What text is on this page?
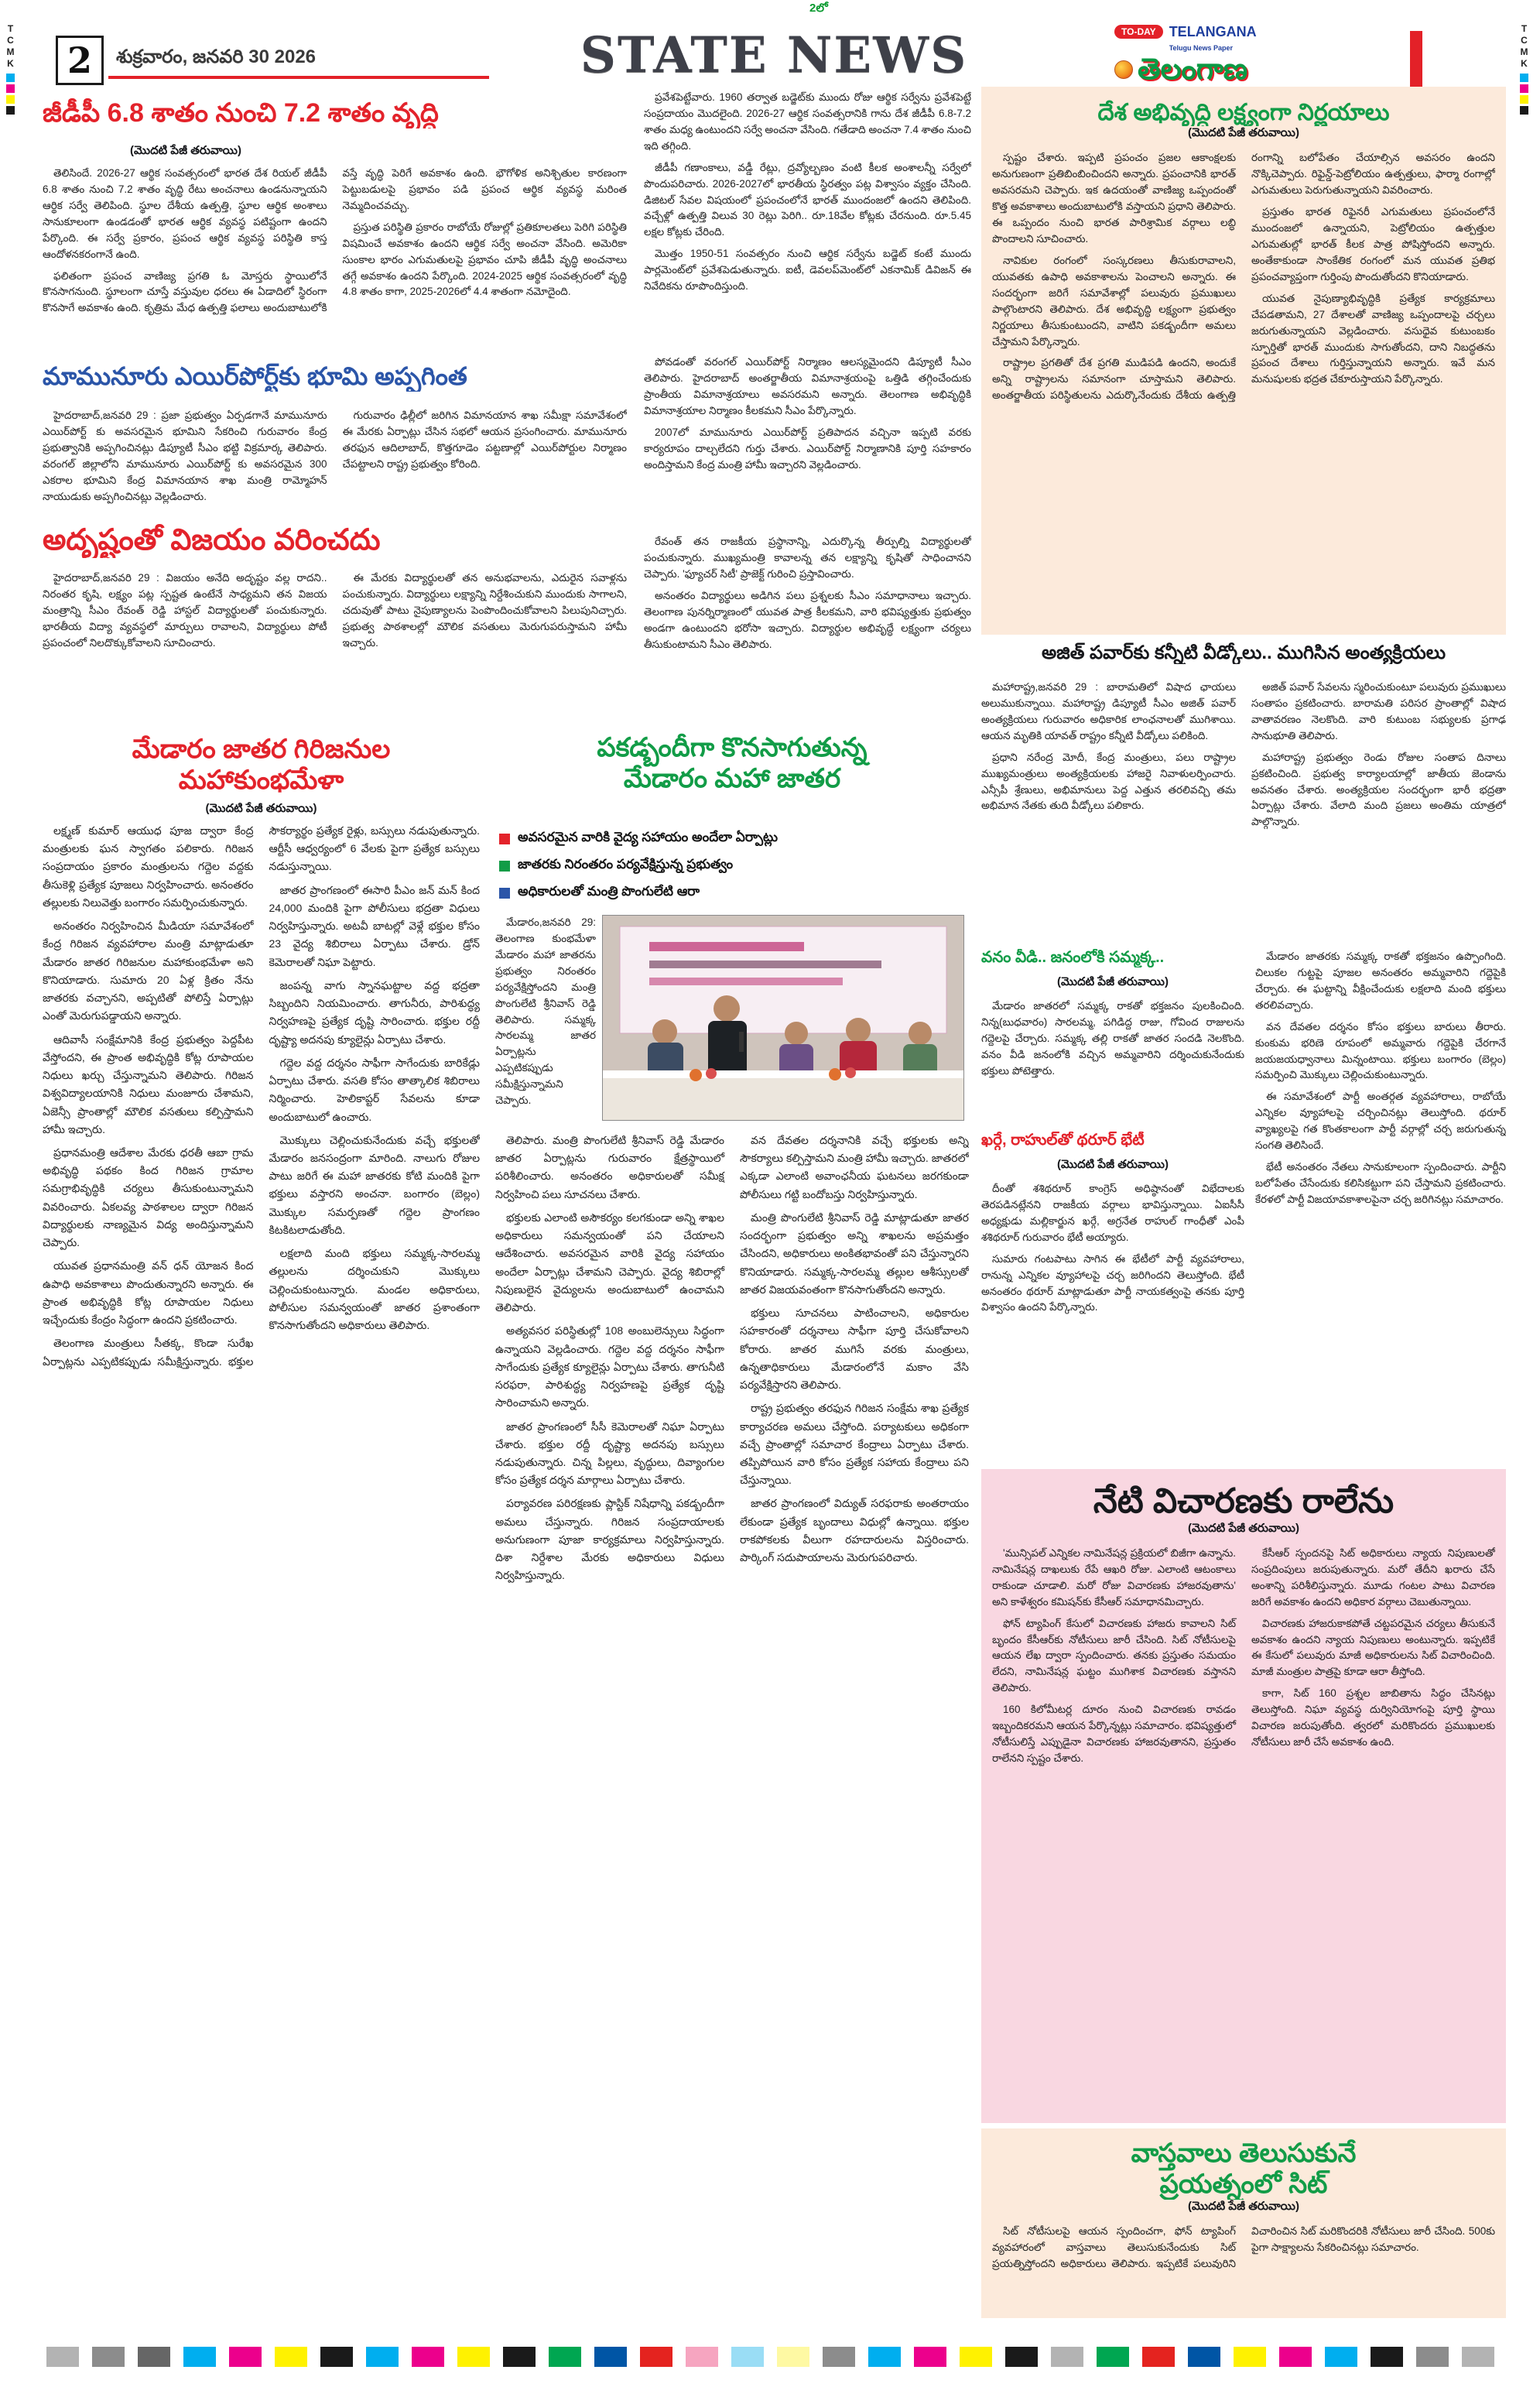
2లో
T
C
M
K
T
C
M
K
2	శుక్రవారం, జనవరి 30 2026	STATE NEWS	TO-DAY TELANGANA
Telugu News Paper
తెలంగాణ
జీడీపీ 6.8 శాతం నుంచి 7.2 శాతం వృద్ధి
(మొదటి పేజీ తరువాయి)

తెలిసిందే. 2026-27 ఆర్థిక సంవత్సరంలో భారత దేశ రియల్ జీడీపీ 6.8 శాతం నుంచి 7.2 శాతం వృద్ధి రేటు అంచనాలు ఉండనున్నాయని ఆర్థిక సర్వే తెలిపింది. స్థూల దేశీయ ఉత్పత్తి, స్థూల ఆర్థిక అంశాలు సానుకూలంగా ఉండడంతో భారత ఆర్థిక వ్యవస్థ పటిష్టంగా ఉందని పేర్కొంది. ఈ సర్వే ప్రకారం, ప్రపంచ ఆర్థిక వ్యవస్థ పరిస్థితి కాస్త ఆందోళనకరంగానే ఉంది.

ఫలితంగా ప్రపంచ వాణిజ్య ప్రగతి ఓ మోస్తరు స్థాయిలోనే కొనసాగనుంది. స్థూలంగా చూస్తే వస్తువుల ధరలు ఈ ఏడాదిలో స్థిరంగా కొనసాగే అవకాశం ఉంది. కృత్రిమ మేధ ఉత్పత్తి ఫలాలు అందుబాటులోకి వస్తే వృద్ధి పెరిగే అవకాశం ఉంది. భౌగోళిక అనిశ్చితుల కారణంగా పెట్టుబడులపై ప్రభావం పడి ప్రపంచ ఆర్థిక వ్యవస్థ మరింత నెమ్మదించవచ్చు.

ప్రస్తుత పరిస్థితి ప్రకారం రాబోయే రోజుల్లో ప్రతికూలతలు పెరిగి పరిస్థితి విషమించే అవకాశం ఉందని ఆర్థిక సర్వే అంచనా వేసింది. అమెరికా సుంకాల భారం ఎగుమతులపై ప్రభావం చూపి జీడీపీ వృద్ధి అంచనాలు తగ్గే అవకాశం ఉందని పేర్కొంది. 2024-2025 ఆర్థిక సంవత్సరంలో వృద్ధి 4.8 శాతం కాగా, 2025-2026లో 4.4 శాతంగా నమోదైంది.

ప్రవేశపెట్టేవారు. 1960 తర్వాత బడ్జెట్‌కు ముందు రోజు ఆర్థిక సర్వేను ప్రవేశపెట్టే సంప్రదాయం మొదలైంది. 2026-27 ఆర్థిక సంవత్సరానికి గాను దేశ జీడీపీ 6.8-7.2 శాతం మధ్య ఉంటుందని సర్వే అంచనా వేసింది. గతేడాది అంచనా 7.4 శాతం నుంచి ఇది తగ్గింది.

జీడీపీ గణాంకాలు, వడ్డీ రేట్లు, ద్రవ్యోల్బణం వంటి కీలక అంశాలన్నీ సర్వేలో పొందుపరిచారు. 2026-2027లో భారతీయ స్థిరత్వం పట్ల విశ్వాసం వ్యక్తం చేసింది. డిజిటల్ సేవల విషయంలో ప్రపంచంలోనే భారత్ ముందంజలో ఉందని తెలిపింది. వచ్చేళ్లో ఉత్పత్తి విలువ 30 రెట్లు పెరిగి.. రూ.18వేల కోట్లకు చేరనుంది. రూ.5.45 లక్షల కోట్లకు చేరింది.

మొత్తం 1950-51 సంవత్సరం నుంచి ఆర్థిక సర్వేను బడ్జెట్ కంటే ముందు పార్లమెంట్‌లో ప్రవేశపెడుతున్నారు. ఐటీ, డెవలప్‌మెంట్‌లో ఎకనామిక్ డివిజన్ ఈ నివేదికను రూపొందిస్తుంది.

దేశ అభివృద్ధి లక్ష్యంగా నిర్ణయాలు
(మొదటి పేజీ తరువాయి)

స్పష్టం చేశారు. ఇప్పటి ప్రపంచం ప్రజల ఆకాంక్షలకు అనుగుణంగా ప్రతిబింబించిందని అన్నారు. ప్రపంచానికి భారత్ అవసరమని చెప్పారు. ఇక ఉదయంతో వాణిజ్య ఒప్పందంతో కొత్త అవకాశాలు అందుబాటులోకి వస్తాయని ప్రధాని తెలిపారు. ఈ ఒప్పందం నుంచి భారత పారిశ్రామిక వర్గాలు లబ్ధి పొందాలని సూచించారు.

నావికుల రంగంలో సంస్కరణలు తీసుకురావాలని, యువతకు ఉపాధి అవకాశాలను పెంచాలని అన్నారు. ఈ సందర్భంగా జరిగే సమావేశాల్లో పలువురు ప్రముఖులు పాల్గొంటారని తెలిపారు. దేశ అభివృద్ధి లక్ష్యంగా ప్రభుత్వం నిర్ణయాలు తీసుకుంటుందని, వాటిని పకడ్బందీగా అమలు చేస్తామని పేర్కొన్నారు.

రాష్ట్రాల ప్రగతితో దేశ ప్రగతి ముడిపడి ఉందని, అందుకే అన్ని రాష్ట్రాలను సమానంగా చూస్తామని తెలిపారు. అంతర్జాతీయ పరిస్థితులను ఎదుర్కొనేందుకు దేశీయ ఉత్పత్తి రంగాన్ని బలోపేతం చేయాల్సిన అవసరం ఉందని నొక్కిచెప్పారు. రిఫైన్డ్-పెట్రోలియం ఉత్పత్తులు, ఫార్మా రంగాల్లో ఎగుమతులు పెరుగుతున్నాయని వివరించారు.

ప్రస్తుతం భారత రిఫైనరీ ఎగుమతులు ప్రపంచంలోనే ముందంజలో ఉన్నాయని, పెట్రోలియం ఉత్పత్తుల ఎగుమతుల్లో భారత్ కీలక పాత్ర పోషిస్తోందని అన్నారు. అంతేకాకుండా సాంకేతిక రంగంలో మన యువత ప్రతిభ ప్రపంచవ్యాప్తంగా గుర్తింపు పొందుతోందని కొనియాడారు.

యువత నైపుణ్యాభివృద్ధికి ప్రత్యేక కార్యక్రమాలు చేపడతామని, 27 దేశాలతో వాణిజ్య ఒప్పందాలపై చర్చలు జరుగుతున్నాయని వెల్లడించారు. వసుధైవ కుటుంబకం స్ఫూర్తితో భారత్ ముందుకు సాగుతోందని, దాని నిబద్ధతను ప్రపంచ దేశాలు గుర్తిస్తున్నాయని అన్నారు. ఇవే మన మనుషులకు భద్రత చేకూరుస్తాయని పేర్కొన్నారు.

మామునూరు ఎయిర్‌పోర్ట్‌కు భూమి అప్పగింత

హైదరాబాద్,జనవరి 29 : ప్రజా ప్రభుత్వం ఏర్పడగానే మామునూరు ఎయిర్‌పోర్ట్ కు అవసరమైన భూమిని సేకరించి గురువారం కేంద్ర ప్రభుత్వానికి అప్పగించినట్లు డిప్యూటీ సీఎం భట్టి విక్రమార్క తెలిపారు. వరంగల్ జిల్లాలోని మామునూరు ఎయిర్‌పోర్ట్ కు అవసరమైన 300 ఎకరాల భూమిని కేంద్ర విమానయాన శాఖ మంత్రి రామ్మోహన్ నాయుడుకు అప్పగించినట్లు వెల్లడించారు.

గురువారం ఢిల్లీలో జరిగిన విమానయాన శాఖ సమీక్షా సమావేశంలో ఈ మేరకు ఏర్పాట్లు చేసిన సభలో ఆయన ప్రసంగించారు. మామునూరు తరఫున ఆదిలాబాద్, కొత్తగూడెం పట్టణాల్లో ఎయిర్‌పోర్టుల నిర్మాణం చేపట్టాలని రాష్ట్ర ప్రభుత్వం కోరింది.

పోవడంతో వరంగల్ ఎయిర్‌పోర్ట్ నిర్మాణం ఆలస్యమైందని డిప్యూటీ సీఎం తెలిపారు. హైదరాబాద్ అంతర్జాతీయ విమానాశ్రయంపై ఒత్తిడి తగ్గించేందుకు ప్రాంతీయ విమానాశ్రయాలు అవసరమని అన్నారు. తెలంగాణ అభివృద్ధికి విమానాశ్రయాల నిర్మాణం కీలకమని సీఎం పేర్కొన్నారు.

2007లో మామునూరు ఎయిర్‌పోర్ట్ ప్రతిపాదన వచ్చినా ఇప్పటి వరకు కార్యరూపం దాల్చలేదని గుర్తు చేశారు. ఎయిర్‌పోర్ట్ నిర్మాణానికి పూర్తి సహకారం అందిస్తామని కేంద్ర మంత్రి హామీ ఇచ్చారని వెల్లడించారు.

అదృష్టంతో విజయం వరించదు

హైదరాబాద్,జనవరి 29 : విజయం అనేది అదృష్టం వల్ల రాదని.. నిరంతర కృషి, లక్ష్యం పట్ల స్పష్టత ఉంటేనే సాధ్యమని తన విజయ మంత్రాన్ని సీఎం రేవంత్ రెడ్డి హాస్టల్ విద్యార్థులతో పంచుకున్నారు. భారతీయ విద్యా వ్యవస్థలో మార్పులు రావాలని, విద్యార్థులు పోటీ ప్రపంచంలో నిలదొక్కుకోవాలని సూచించారు.

ఈ మేరకు విద్యార్థులతో తన అనుభవాలను, ఎదురైన సవాళ్లను పంచుకున్నారు. విద్యార్థులు లక్ష్యాన్ని నిర్దేశించుకుని ముందుకు సాగాలని, చదువుతో పాటు నైపుణ్యాలను పెంపొందించుకోవాలని పిలుపునిచ్చారు. ప్రభుత్వ పాఠశాలల్లో మౌలిక వసతులు మెరుగుపరుస్తామని హామీ ఇచ్చారు.

రేవంత్ తన రాజకీయ ప్రస్థానాన్ని, ఎదుర్కొన్న తీర్పుల్ని విద్యార్థులతో పంచుకున్నారు. ముఖ్యమంత్రి కావాలన్న తన లక్ష్యాన్ని కృషితో సాధించానని చెప్పారు. 'ఫ్యూచర్ సిటీ' ప్రాజెక్ట్ గురించి ప్రస్తావించారు.

అనంతరం విద్యార్థులు అడిగిన పలు ప్రశ్నలకు సీఎం సమాధానాలు ఇచ్చారు. తెలంగాణ పునర్నిర్మాణంలో యువత పాత్ర కీలకమని, వారి భవిష్యత్తుకు ప్రభుత్వం అండగా ఉంటుందని భరోసా ఇచ్చారు. విద్యార్థుల అభివృద్ధే లక్ష్యంగా చర్యలు తీసుకుంటామని సీఎం తెలిపారు.

మేడారం జాతర గిరిజనుల
మహాకుంభమేళా
(మొదటి పేజీ తరువాయి)

లక్ష్మణ్ కుమార్ ఆయుధ పూజ ద్వారా కేంద్ర మంత్రులకు ఘన స్వాగతం పలికారు. గిరిజన సంప్రదాయం ప్రకారం మంత్రులను గద్దెల వద్దకు తీసుకెళ్లి ప్రత్యేక పూజలు నిర్వహించారు. అనంతరం తల్లులకు నిలువెత్తు బంగారం సమర్పించుకున్నారు.

అనంతరం నిర్వహించిన మీడియా సమావేశంలో కేంద్ర గిరిజన వ్యవహారాల మంత్రి మాట్లాడుతూ మేడారం జాతర గిరిజనుల మహాకుంభమేళా అని కొనియాడారు. సుమారు 20 ఏళ్ల క్రితం నేను జాతరకు వచ్చానని, అప్పటితో పోలిస్తే ఏర్పాట్లు ఎంతో మెరుగుపడ్డాయని అన్నారు.

ఆదివాసీ సంక్షేమానికి కేంద్ర ప్రభుత్వం పెద్దపీట వేస్తోందని, ఈ ప్రాంత అభివృద్ధికి కోట్ల రూపాయల నిధులు ఖర్చు చేస్తున్నామని తెలిపారు. గిరిజన విశ్వవిద్యాలయానికి నిధులు మంజూరు చేశామని, ఏజెన్సీ ప్రాంతాల్లో మౌలిక వసతులు కల్పిస్తామని హామీ ఇచ్చారు.

ప్రధానమంత్రి ఆదేశాల మేరకు ధరతీ ఆబా గ్రామ అభివృద్ధి పథకం కింద గిరిజన గ్రామాల సమగ్రాభివృద్ధికి చర్యలు తీసుకుంటున్నామని వివరించారు. ఏకలవ్య పాఠశాలల ద్వారా గిరిజన విద్యార్థులకు నాణ్యమైన విద్య అందిస్తున్నామని చెప్పారు.

యువత ప్రధానమంత్రి వన్ ధన్ యోజన కింద ఉపాధి అవకాశాలు పొందుతున్నారని అన్నారు. ఈ ప్రాంత అభివృద్ధికి కోట్ల రూపాయల నిధులు ఇచ్చేందుకు కేంద్రం సిద్ధంగా ఉందని ప్రకటించారు.

తెలంగాణ మంత్రులు సీతక్క, కొండా సురేఖ ఏర్పాట్లను ఎప్పటికప్పుడు సమీక్షిస్తున్నారు. భక్తుల సౌకర్యార్థం ప్రత్యేక రైళ్లు, బస్సులు నడుపుతున్నారు. ఆర్టీసీ ఆధ్వర్యంలో 6 వేలకు పైగా ప్రత్యేక బస్సులు నడుస్తున్నాయి.

జాతర ప్రాంగణంలో ఈసారి పీఎం జన్ మన్ కింద 24,000 మందికి పైగా పోలీసులు భద్రతా విధులు నిర్వహిస్తున్నారు. అటవీ బాటల్లో వెళ్లే భక్తుల కోసం 23 వైద్య శిబిరాలు ఏర్పాటు చేశారు. డ్రోన్ కెమెరాలతో నిఘా పెట్టారు.

జంపన్న వాగు స్నానఘట్టాల వద్ద భద్రతా సిబ్బందిని నియమించారు. తాగునీరు, పారిశుద్ధ్య నిర్వహణపై ప్రత్యేక దృష్టి సారించారు. భక్తుల రద్దీ దృష్ట్యా అదనపు క్యూలైన్లు ఏర్పాటు చేశారు.

గద్దెల వద్ద దర్శనం సాఫీగా సాగేందుకు బారికేడ్లు ఏర్పాటు చేశారు. వసతి కోసం తాత్కాలిక శిబిరాలు నిర్మించారు. హెలికాప్టర్ సేవలను కూడా అందుబాటులో ఉంచారు.

మొక్కులు చెల్లించుకునేందుకు వచ్చే భక్తులతో మేడారం జనసంద్రంగా మారింది. నాలుగు రోజుల పాటు జరిగే ఈ మహా జాతరకు కోటి మందికి పైగా భక్తులు వస్తారని అంచనా. బంగారం (బెల్లం) మొక్కుల సమర్పణతో గద్దెల ప్రాంగణం కిటకిటలాడుతోంది.

లక్షలాది మంది భక్తులు సమ్మక్క-సారలమ్మ తల్లులను దర్శించుకుని మొక్కులు చెల్లించుకుంటున్నారు. మండల అధికారులు, పోలీసుల సమన్వయంతో జాతర ప్రశాంతంగా కొనసాగుతోందని అధికారులు తెలిపారు.

పకడ్బందీగా కొనసాగుతున్న
మేడారం మహా జాతర
అవసరమైన వారికి వైద్య సహాయం అందేలా ఏర్పాట్లు
జాతరకు నిరంతరం పర్యవేక్షిస్తున్న ప్రభుత్వం
అధికారులతో మంత్రి పొంగులేటి ఆరా

మేడారం,జనవరి 29: తెలంగాణ కుంభమేళా మేడారం మహా జాతరను ప్రభుత్వం నిరంతరం పర్యవేక్షిస్తోందని మంత్రి పొంగులేటి శ్రీనివాస్ రెడ్డి తెలిపారు. సమ్మక్క సారలమ్మ జాతర ఏర్పాట్లను ఎప్పటికప్పుడు సమీక్షిస్తున్నామని చెప్పారు.

తెలిపారు. మంత్రి పొంగులేటి శ్రీనివాస్ రెడ్డి మేడారం జాతర ఏర్పాట్లను గురువారం క్షేత్రస్థాయిలో పరిశీలించారు. అనంతరం అధికారులతో సమీక్ష నిర్వహించి పలు సూచనలు చేశారు.

భక్తులకు ఎలాంటి అసౌకర్యం కలగకుండా అన్ని శాఖల అధికారులు సమన్వయంతో పని చేయాలని ఆదేశించారు. అవసరమైన వారికి వైద్య సహాయం అందేలా ఏర్పాట్లు చేశామని చెప్పారు. వైద్య శిబిరాల్లో నిపుణులైన వైద్యులను అందుబాటులో ఉంచామని తెలిపారు.

అత్యవసర పరిస్థితుల్లో 108 అంబులెన్సులు సిద్ధంగా ఉన్నాయని వెల్లడించారు. గద్దెల వద్ద దర్శనం సాఫీగా సాగేందుకు ప్రత్యేక క్యూలైన్లు ఏర్పాటు చేశారు. తాగునీటి సరఫరా, పారిశుద్ధ్య నిర్వహణపై ప్రత్యేక దృష్టి సారించామని అన్నారు.

జాతర ప్రాంగణంలో సీసీ కెమెరాలతో నిఘా ఏర్పాటు చేశారు. భక్తుల రద్దీ దృష్ట్యా అదనపు బస్సులు నడుపుతున్నారు. చిన్న పిల్లలు, వృద్ధులు, దివ్యాంగుల కోసం ప్రత్యేక దర్శన మార్గాలు ఏర్పాటు చేశారు.

పర్యావరణ పరిరక్షణకు ప్లాస్టిక్ నిషేధాన్ని పకడ్బందీగా అమలు చేస్తున్నారు. గిరిజన సంప్రదాయాలకు అనుగుణంగా పూజా కార్యక్రమాలు నిర్వహిస్తున్నారు. దిశా నిర్దేశాల మేరకు అధికారులు విధులు నిర్వహిస్తున్నారు.

వన దేవతల దర్శనానికి వచ్చే భక్తులకు అన్ని సౌకర్యాలు కల్పిస్తామని మంత్రి హామీ ఇచ్చారు. జాతరలో ఎక్కడా ఎలాంటి అవాంఛనీయ ఘటనలు జరగకుండా పోలీసులు గట్టి బందోబస్తు నిర్వహిస్తున్నారు.

మంత్రి పొంగులేటి శ్రీనివాస్ రెడ్డి మాట్లాడుతూ జాతర సందర్భంగా ప్రభుత్వం అన్ని శాఖలను అప్రమత్తం చేసిందని, అధికారులు అంకితభావంతో పని చేస్తున్నారని కొనియాడారు. సమ్మక్క-సారలమ్మ తల్లుల ఆశీస్సులతో జాతర విజయవంతంగా కొనసాగుతోందని అన్నారు.

భక్తులు సూచనలు పాటించాలని, అధికారుల సహకారంతో దర్శనాలు సాఫీగా పూర్తి చేసుకోవాలని కోరారు. జాతర ముగిసే వరకు మంత్రులు, ఉన్నతాధికారులు మేడారంలోనే మకాం వేసి పర్యవేక్షిస్తారని తెలిపారు.

రాష్ట్ర ప్రభుత్వం తరఫున గిరిజన సంక్షేమ శాఖ ప్రత్యేక కార్యాచరణ అమలు చేస్తోంది. పర్యాటకులు అధికంగా వచ్చే ప్రాంతాల్లో సమాచార కేంద్రాలు ఏర్పాటు చేశారు. తప్పిపోయిన వారి కోసం ప్రత్యేక సహాయ కేంద్రాలు పని చేస్తున్నాయి.

జాతర ప్రాంగణంలో విద్యుత్ సరఫరాకు అంతరాయం లేకుండా ప్రత్యేక బృందాలు విధుల్లో ఉన్నాయి. భక్తుల రాకపోకలకు వీలుగా రహదారులను విస్తరించారు. పార్కింగ్ సదుపాయాలను మెరుగుపరిచారు.

అజిత్ పవార్‌కు కన్నీటి వీడ్కోలు.. ముగిసిన అంత్యక్రియలు

మహారాష్ట్ర,జనవరి 29 : బారామతిలో విషాద ఛాయలు అలుముకున్నాయి. మహారాష్ట్ర డిప్యూటీ సీఎం అజిత్ పవార్ అంత్యక్రియలు గురువారం అధికారిక లాంఛనాలతో ముగిశాయి. ఆయన మృతికి యావత్ రాష్ట్రం కన్నీటి వీడ్కోలు పలికింది.

ప్రధాని నరేంద్ర మోదీ, కేంద్ర మంత్రులు, పలు రాష్ట్రాల ముఖ్యమంత్రులు అంత్యక్రియలకు హాజరై నివాళులర్పించారు. ఎన్సీపీ శ్రేణులు, అభిమానులు పెద్ద ఎత్తున తరలివచ్చి తమ అభిమాన నేతకు తుది వీడ్కోలు పలికారు.

అజిత్ పవార్ సేవలను స్మరించుకుంటూ పలువురు ప్రముఖులు సంతాపం ప్రకటించారు. బారామతి పరిసర ప్రాంతాల్లో విషాద వాతావరణం నెలకొంది. వారి కుటుంబ సభ్యులకు ప్రగాఢ సానుభూతి తెలిపారు.

మహారాష్ట్ర ప్రభుత్వం రెండు రోజుల సంతాప దినాలు ప్రకటించింది. ప్రభుత్వ కార్యాలయాల్లో జాతీయ జెండాను అవనతం చేశారు. అంత్యక్రియల సందర్భంగా భారీ భద్రతా ఏర్పాట్లు చేశారు. వేలాది మంది ప్రజలు అంతిమ యాత్రలో పాల్గొన్నారు.

వనం వీడి.. జనంలోకి సమ్మక్క..
(మొదటి పేజీ తరువాయి)

మేడారం జాతరలో సమ్మక్క రాకతో భక్తజనం పులకించింది. నిన్న(బుధవారం) సారలమ్మ, పగిడిద్ద రాజు, గోవింద రాజులను గద్దెలపై చేర్చారు. సమ్మక్క తల్లి రాకతో జాతర సందడి నెలకొంది. వనం వీడి జనంలోకి వచ్చిన అమ్మవారిని దర్శించుకునేందుకు భక్తులు పోటెత్తారు.

ఖర్గే, రాహుల్‌తో థరూర్ భేటీ
(మొదటి పేజీ తరువాయి)

దీంతో శశిథరూర్ కాంగ్రెస్ అధిష్ఠానంతో విభేదాలకు తెరపడినట్లేనని రాజకీయ వర్గాలు భావిస్తున్నాయి. ఏఐసీసీ అధ్యక్షుడు మల్లికార్జున ఖర్గే, అగ్రనేత రాహుల్ గాంధీతో ఎంపీ శశిథరూర్ గురువారం భేటీ అయ్యారు.

సుమారు గంటపాటు సాగిన ఈ భేటీలో పార్టీ వ్యవహారాలు, రానున్న ఎన్నికల వ్యూహాలపై చర్చ జరిగిందని తెలుస్తోంది. భేటీ అనంతరం థరూర్ మాట్లాడుతూ పార్టీ నాయకత్వంపై తనకు పూర్తి విశ్వాసం ఉందని పేర్కొన్నారు.

మేడారం జాతరకు సమ్మక్క రాకతో భక్తజనం ఉప్పొంగింది. చిలుకల గుట్టపై పూజల అనంతరం అమ్మవారిని గద్దెపైకి చేర్చారు. ఈ ఘట్టాన్ని వీక్షించేందుకు లక్షలాది మంది భక్తులు తరలివచ్చారు.

వన దేవతల దర్శనం కోసం భక్తులు బారులు తీరారు. కుంకుమ భరిణె రూపంలో అమ్మవారు గద్దెపైకి చేరగానే జయజయధ్వానాలు మిన్నంటాయి. భక్తులు బంగారం (బెల్లం) సమర్పించి మొక్కులు చెల్లించుకుంటున్నారు.

ఈ సమావేశంలో పార్టీ అంతర్గత వ్యవహారాలు, రాబోయే ఎన్నికల వ్యూహాలపై చర్చించినట్లు తెలుస్తోంది. థరూర్ వ్యాఖ్యలపై గత కొంతకాలంగా పార్టీ వర్గాల్లో చర్చ జరుగుతున్న సంగతి తెలిసిందే.

భేటీ అనంతరం నేతలు సానుకూలంగా స్పందించారు. పార్టీని బలోపేతం చేసేందుకు కలిసికట్టుగా పని చేస్తామని ప్రకటించారు. కేరళలో పార్టీ విజయావకాశాలపైనా చర్చ జరిగినట్లు సమాచారం.

నేటి విచారణకు రాలేను
(మొదటి పేజీ తరువాయి)

'మున్సిపల్ ఎన్నికల నామినేషన్ల ప్రక్రియలో బిజీగా ఉన్నాను. నామినేషన్ల దాఖలుకు రేపే ఆఖరి రోజు. ఎలాంటి ఆటంకాలు రాకుండా చూడాలి. మరో రోజు విచారణకు హాజరవుతాను' అని కాళేశ్వరం కమిషన్‌కు కేసీఆర్ సమాధానమిచ్చారు.

ఫోన్ ట్యాపింగ్ కేసులో విచారణకు హాజరు కావాలని సిట్ బృందం కేసీఆర్‌కు నోటీసులు జారీ చేసింది. సిట్ నోటీసులపై ఆయన లేఖ ద్వారా స్పందించారు. తనకు ప్రస్తుతం సమయం లేదని, నామినేషన్ల ఘట్టం ముగిశాక విచారణకు వస్తానని తెలిపారు.

160 కిలోమీటర్ల దూరం నుంచి విచారణకు రావడం ఇబ్బందికరమని ఆయన పేర్కొన్నట్లు సమాచారం. భవిష్యత్తులో నోటీసులిస్తే ఎప్పుడైనా విచారణకు హాజరవుతానని, ప్రస్తుతం రాలేనని స్పష్టం చేశారు.

కేసీఆర్ స్పందనపై సిట్ అధికారులు న్యాయ నిపుణులతో సంప్రదింపులు జరుపుతున్నారు. మరో తేదీని ఖరారు చేసే అంశాన్ని పరిశీలిస్తున్నారు. మూడు గంటల పాటు విచారణ జరిగే అవకాశం ఉందని అధికార వర్గాలు చెబుతున్నాయి.

విచారణకు హాజరుకాకపోతే చట్టపరమైన చర్యలు తీసుకునే అవకాశం ఉందని న్యాయ నిపుణులు అంటున్నారు. ఇప్పటికే ఈ కేసులో పలువురు మాజీ అధికారులను సిట్ విచారించింది. మాజీ మంత్రుల పాత్రపై కూడా ఆరా తీస్తోంది.

కాగా, సిట్ 160 ప్రశ్నల జాబితాను సిద్ధం చేసినట్లు తెలుస్తోంది. నిఘా వ్యవస్థ దుర్వినియోగంపై పూర్తి స్థాయి విచారణ జరుపుతోంది. త్వరలో మరికొందరు ప్రముఖులకు నోటీసులు జారీ చేసే అవకాశం ఉంది.

వాస్తవాలు తెలుసుకునే
ప్రయత్నంలో సిట్
(మొదటి పేజీ తరువాయి)

సిట్ నోటీసులపై ఆయన స్పందించగా, ఫోన్ ట్యాపింగ్ వ్యవహారంలో వాస్తవాలు తెలుసుకునేందుకు సిట్ ప్రయత్నిస్తోందని అధికారులు తెలిపారు. ఇప్పటికే పలువురిని విచారించిన సిట్ మరికొందరికి నోటీసులు జారీ చేసింది. 500కు పైగా సాక్ష్యాలను సేకరించినట్లు సమాచారం.
